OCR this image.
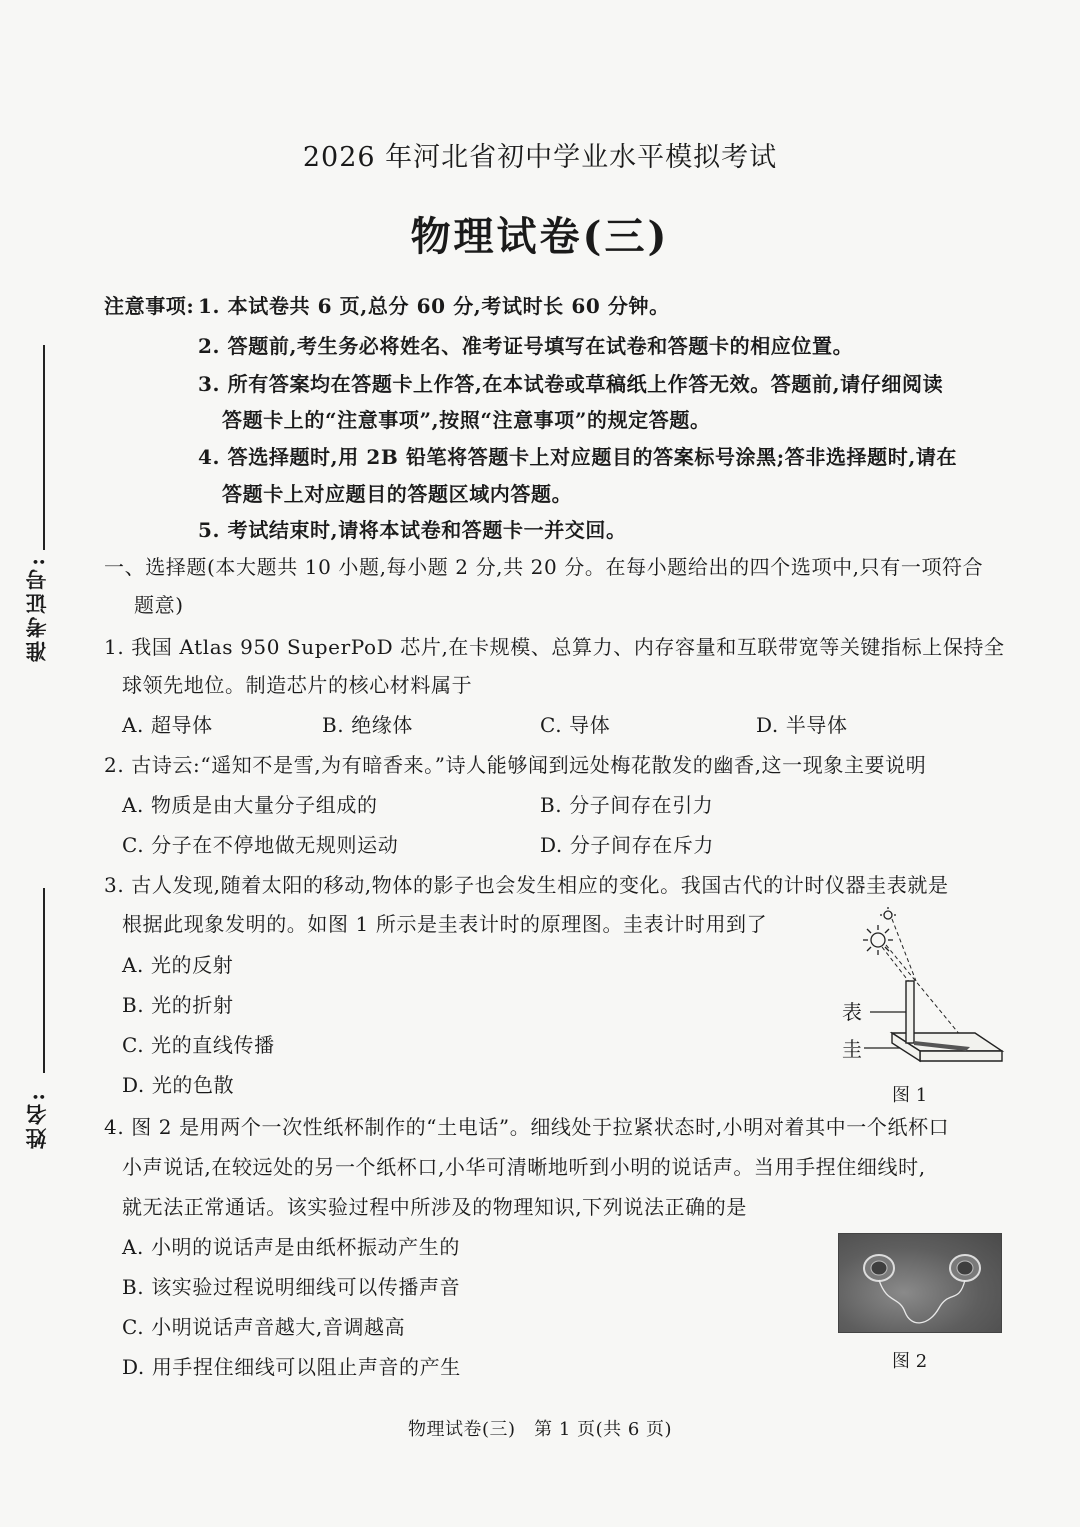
2026 年河北省初中学业水平模拟考试
物理试卷(三)
准考证号:
姓名:
注意事项: 1. 本试卷共 6 页,总分 60 分,考试时长 60 分钟。
2. 答题前,考生务必将姓名、准考证号填写在试卷和答题卡的相应位置。
3. 所有答案均在答题卡上作答,在本试卷或草稿纸上作答无效。答题前,请仔细阅读
答题卡上的“注意事项”,按照“注意事项”的规定答题。
4. 答选择题时,用 2B 铅笔将答题卡上对应题目的答案标号涂黑;答非选择题时,请在
答题卡上对应题目的答题区域内答题。
5. 考试结束时,请将本试卷和答题卡一并交回。
一、选择题(本大题共 10 小题,每小题 2 分,共 20 分。在每小题给出的四个选项中,只有一项符合
题意)
1. 我国 Atlas 950 SuperPoD 芯片,在卡规模、总算力、内存容量和互联带宽等关键指标上保持全
球领先地位。制造芯片的核心材料属于
A. 超导体	B. 绝缘体	C. 导体	D. 半导体
2. 古诗云:“遥知不是雪,为有暗香来。”诗人能够闻到远处梅花散发的幽香,这一现象主要说明
A. 物质是由大量分子组成的	B. 分子间存在引力
C. 分子在不停地做无规则运动	D. 分子间存在斥力
3. 古人发现,随着太阳的移动,物体的影子也会发生相应的变化。我国古代的计时仪器圭表就是
根据此现象发明的。如图 1 所示是圭表计时的原理图。圭表计时用到了
A. 光的反射
B. 光的折射
C. 光的直线传播
D. 光的色散
表
圭
图 1
4. 图 2 是用两个一次性纸杯制作的“土电话”。细线处于拉紧状态时,小明对着其中一个纸杯口
小声说话,在较远处的另一个纸杯口,小华可清晰地听到小明的说话声。当用手捏住细线时,
就无法正常通话。该实验过程中所涉及的物理知识,下列说法正确的是
A. 小明的说话声是由纸杯振动产生的
B. 该实验过程说明细线可以传播声音
C. 小明说话声音越大,音调越高
D. 用手捏住细线可以阻止声音的产生	图 2
物理试卷(三)   第 1 页(共 6 页)
